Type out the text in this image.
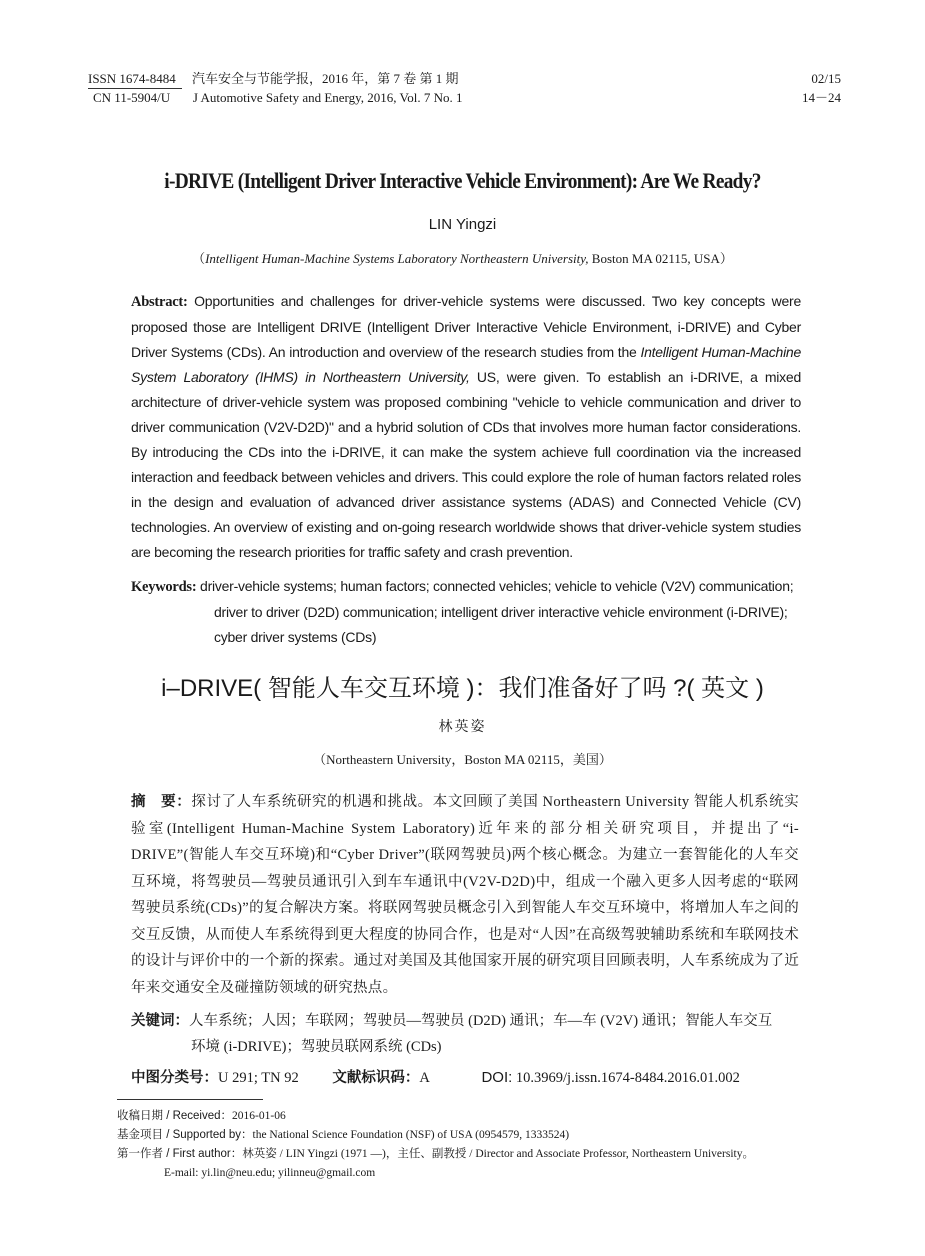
ISSN 1674-8484 汽车安全与节能学报，2016 年，第 7 卷 第 1 期
CN 11-5904/U J Automotive Safety and Energy, 2016, Vol. 7 No. 1
02/15
14－24
i-DRIVE (Intelligent Driver Interactive Vehicle Environment): Are We Ready?
LIN Yingzi
（Intelligent Human-Machine Systems Laboratory Northeastern University, Boston MA 02115, USA）
Abstract: Opportunities and challenges for driver-vehicle systems were discussed. Two key concepts were proposed those are Intelligent DRIVE (Intelligent Driver Interactive Vehicle Environment, i-DRIVE) and Cyber Driver Systems (CDs). An introduction and overview of the research studies from the Intelligent Human-Machine System Laboratory (IHMS) in Northeastern University, US, were given. To establish an i-DRIVE, a mixed architecture of driver-vehicle system was proposed combining "vehicle to vehicle communication and driver to driver communication (V2V-D2D)" and a hybrid solution of CDs that involves more human factor considerations. By introducing the CDs into the i-DRIVE, it can make the system achieve full coordination via the increased interaction and feedback between vehicles and drivers. This could explore the role of human factors related roles in the design and evaluation of advanced driver assistance systems (ADAS) and Connected Vehicle (CV) technologies. An overview of existing and on-going research worldwide shows that driver-vehicle system studies are becoming the research priorities for traffic safety and crash prevention.
Keywords: driver-vehicle systems; human factors; connected vehicles; vehicle to vehicle (V2V) communication;
driver to driver (D2D) communication; intelligent driver interactive vehicle environment (i-DRIVE);
cyber driver systems (CDs)
i–DRIVE( 智能人车交互环境 )：我们准备好了吗 ?( 英文 )
林英姿
（Northeastern University，Boston MA 02115，美国）
摘　要：探讨了人车系统研究的机遇和挑战。本文回顾了美国 Northeastern University 智能人机系统实验室(Intelligent Human-Machine System Laboratory)近年来的部分相关研究项目，并提出了“i-DRIVE”(智能人车交互环境)和“Cyber Driver”(联网驾驶员)两个核心概念。为建立一套智能化的人车交互环境，将驾驶员—驾驶员通讯引入到车车通讯中(V2V-D2D)中，组成一个融入更多人因考虑的“联网驾驶员系统(CDs)”的复合解决方案。将联网驾驶员概念引入到智能人车交互环境中，将增加人车之间的交互反馈，从而使人车系统得到更大程度的协同合作，也是对“人因”在高级驾驶辅助系统和车联网技术的设计与评价中的一个新的探索。通过对美国及其他国家开展的研究项目回顾表明，人车系统成为了近年来交通安全及碰撞防领域的研究热点。
关键词：人车系统；人因；车联网；驾驶员—驾驶员 (D2D) 通讯；车—车 (V2V) 通讯；智能人车交互
环境 (i-DRIVE)；驾驶员联网系统 (CDs)
中图分类号：U 291; TN 92 文献标识码：A	DOI: 10.3969/j.issn.1674-8484.2016.01.002
收稿日期 / Received：2016-01-06
基金项目 / Supported by：the National Science Foundation (NSF) of USA (0954579, 1333524)
第一作者 / First author：林英姿 / LIN Yingzi (1971 —)，主任、副教授 / Director and Associate Professor, Northeastern University。
E-mail: yi.lin@neu.edu; yilinneu@gmail.com
